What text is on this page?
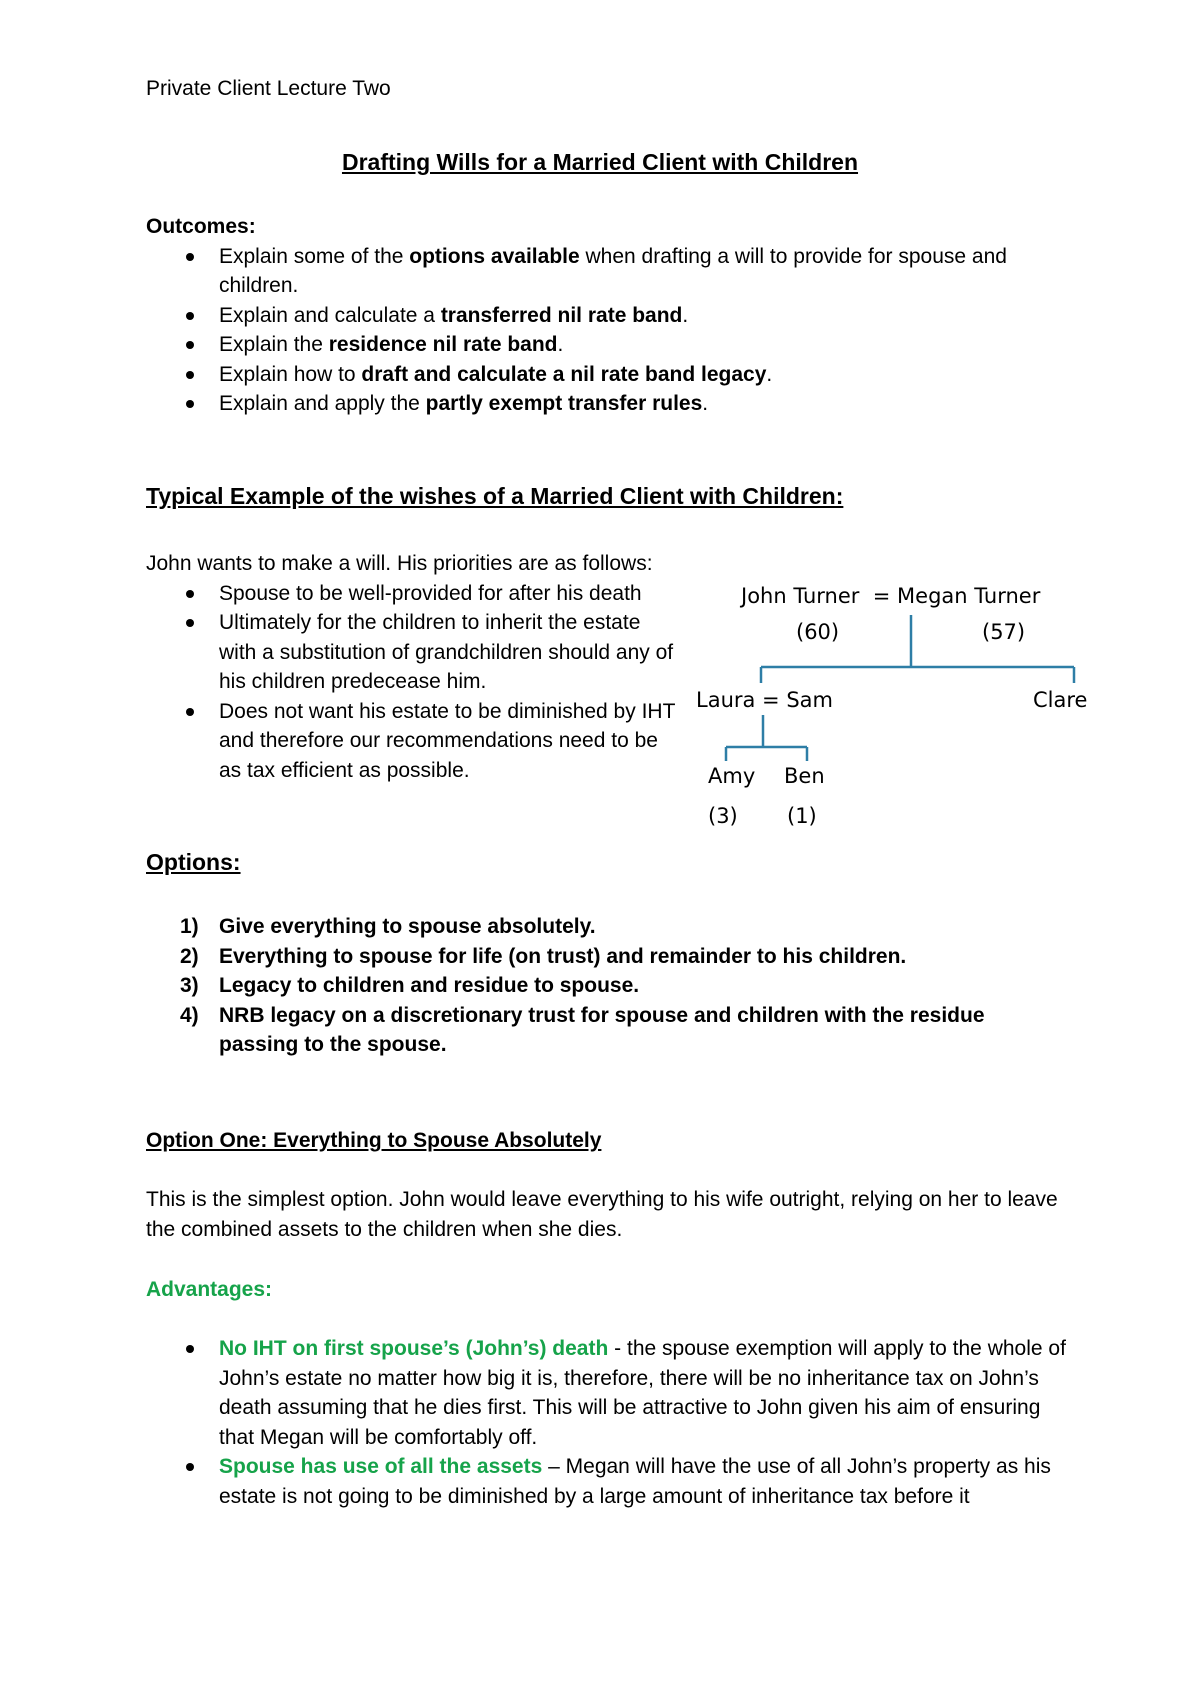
Private Client Lecture Two
Drafting Wills for a Married Client with Children
Outcomes:
Explain some of the options available when drafting a will to provide for spouse and children.
Explain and calculate a transferred nil rate band.
Explain the residence nil rate band.
Explain how to draft and calculate a nil rate band legacy.
Explain and apply the partly exempt transfer rules.
Typical Example of the wishes of a Married Client with Children:
John wants to make a will. His priorities are as follows:
Spouse to be well-provided for after his death
Ultimately for the children to inherit the estate with a substitution of grandchildren should any of his children predecease him.
Does not want his estate to be diminished by IHT and therefore our recommendations need to be as tax efficient as possible.
John Turner  = Megan Turner
(60)	(57)
Laura = Sam	Clare
Amy Ben
(3) (1)
Options:
1) Give everything to spouse absolutely.
2) Everything to spouse for life (on trust) and remainder to his children.
3) Legacy to children and residue to spouse.
4) NRB legacy on a discretionary trust for spouse and children with the residue passing to the spouse.
Option One: Everything to Spouse Absolutely
This is the simplest option. John would leave everything to his wife outright, relying on her to leave the combined assets to the children when she dies.
Advantages:
No IHT on first spouse’s (John’s) death - the spouse exemption will apply to the whole of John’s estate no matter how big it is, therefore, there will be no inheritance tax on John’s death assuming that he dies first. This will be attractive to John given his aim of ensuring that Megan will be comfortably off.
Spouse has use of all the assets – Megan will have the use of all John’s property as his estate is not going to be diminished by a large amount of inheritance tax before it
